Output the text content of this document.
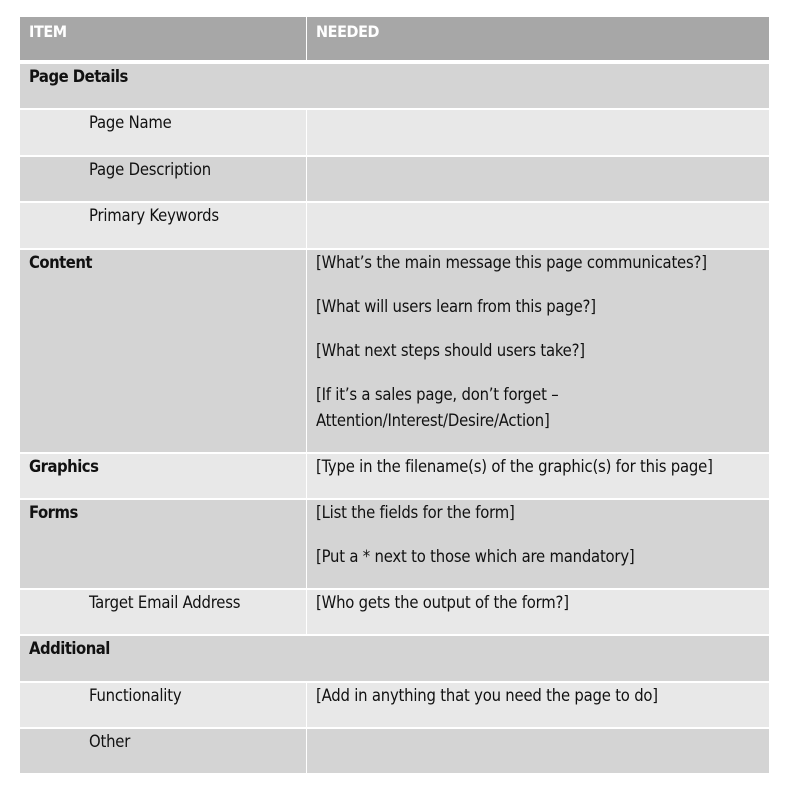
ITEM	NEEDED
Page Details
Page Name
Page Description
Primary Keywords
Content	[What’s the main message this page communicates?]
[What will users learn from this page?]
[What next steps should users take?]
[If it’s a sales page, don’t forget –
Attention/Interest/Desire/Action]
Graphics	[Type in the filename(s) of the graphic(s) for this page]
Forms	[List the fields for the form]
[Put a * next to those which are mandatory]
Target Email Address	[Who gets the output of the form?]
Additional
Functionality	[Add in anything that you need the page to do]
Other
